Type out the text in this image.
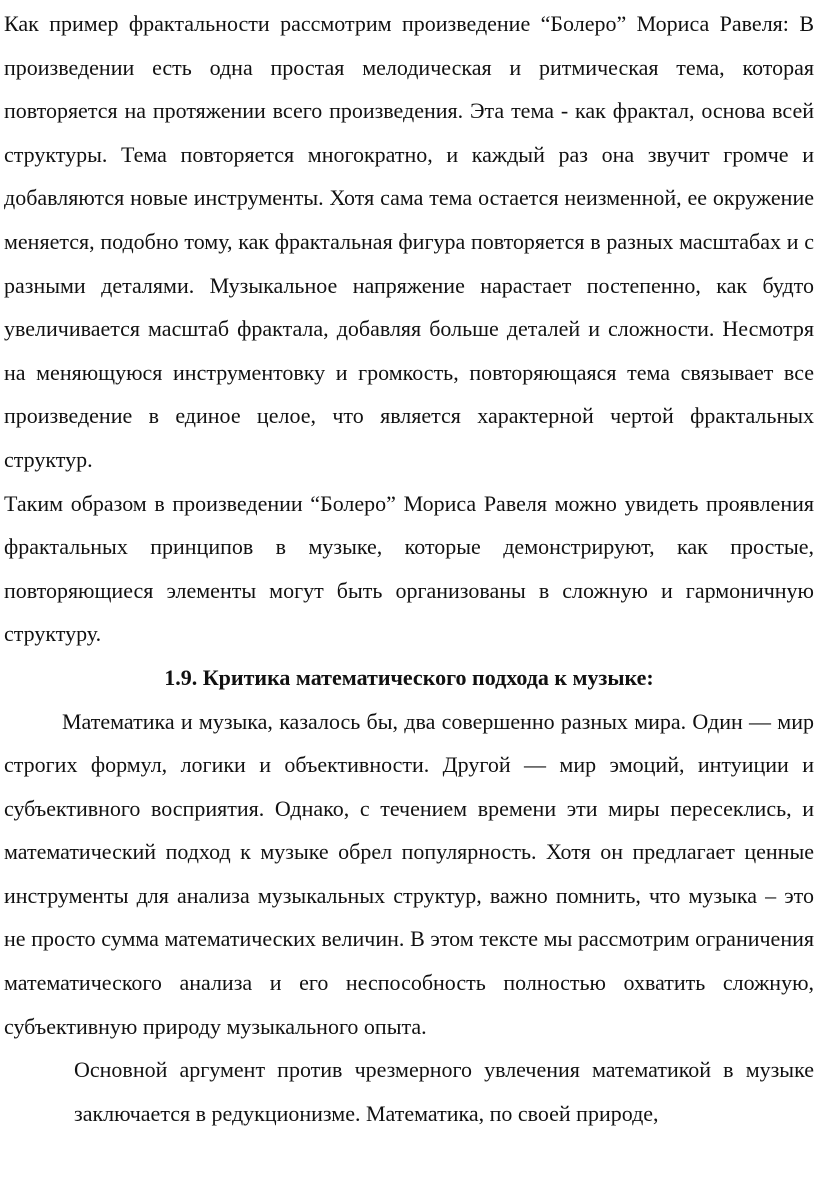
Как пример фрактальности рассмотрим произведение “Болеро” Мориса Равеля: В произведении есть одна простая мелодическая и ритмическая тема, которая повторяется на протяжении всего произведения. Эта тема - как фрактал, основа всей структуры. Тема повторяется многократно, и каждый раз она звучит громче и добавляются новые инструменты. Хотя сама тема остается неизменной, ее окружение меняется, подобно тому, как фрактальная фигура повторяется в разных масштабах и с разными деталями. Музыкальное напряжение нарастает постепенно, как будто увеличивается масштаб фрактала, добавляя больше деталей и сложности. Несмотря на меняющуюся инструментовку и громкость, повторяющаяся тема связывает все произведение в единое целое, что является характерной чертой фрактальных структур.

Таким образом в произведении “Болеро” Мориса Равеля можно увидеть проявления фрактальных принципов в музыке, которые демонстрируют, как простые, повторяющиеся элементы могут быть организованы в сложную и гармоничную структуру.

1.9. Критика математического подхода к музыке:

Математика и музыка, казалось бы, два совершенно разных мира. Один — мир строгих формул, логики и объективности. Другой — мир эмоций, интуиции и субъективного восприятия. Однако, с течением времени эти миры пересеклись, и математический подход к музыке обрел популярность. Хотя он предлагает ценные инструменты для анализа музыкальных структур, важно помнить, что музыка – это не просто сумма математических величин. В этом тексте мы рассмотрим ограничения математического анализа и его неспособность полностью охватить сложную, субъективную природу музыкального опыта.

Основной аргумент против чрезмерного увлечения математикой в музыке заключается в редукционизме. Математика, по своей природе,
